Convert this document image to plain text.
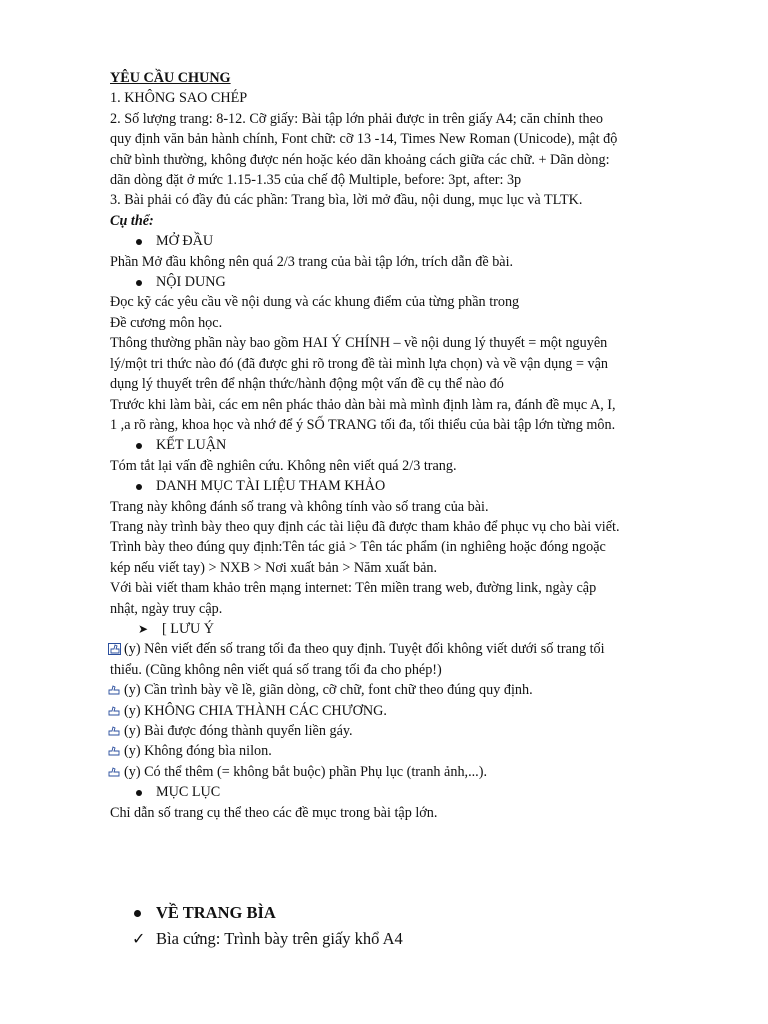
YÊU CẦU CHUNG
1. KHÔNG SAO CHÉP
2. Số lượng trang: 8-12. Cỡ giấy: Bài tập lớn phải được in trên giấy A4; căn chỉnh theo
quy định văn bản hành chính, Font chữ: cỡ 13 -14, Times New Roman (Unicode), mật độ
chữ bình thường, không được nén hoặc kéo dãn khoảng cách giữa các chữ. + Dãn dòng:
dãn dòng đặt ở mức 1.15-1.35 của chế độ Multiple, before: 3pt, after: 3p
3. Bài phải có đầy đủ các phần: Trang bìa, lời mở đầu, nội dung, mục lục và TLTK.
Cụ thể:
MỞ ĐẦU
Phần Mở đầu không nên quá 2/3 trang của bài tập lớn, trích dẫn đề bài.
NỘI DUNG
Đọc kỹ các yêu cầu về nội dung và các khung điểm của từng phần trong
Đề cương môn học.
Thông thường phần này bao gồm HAI Ý CHÍNH – về nội dung lý thuyết = một nguyên
lý/một tri thức nào đó (đã được ghi rõ trong đề tài mình lựa chọn) và về vận dụng = vận
dụng lý thuyết trên để nhận thức/hành động một vấn đề cụ thể nào đó
Trước khi làm bài, các em nên phác thảo dàn bài mà mình định làm ra, đánh đề mục A, I,
1 ,a rõ ràng, khoa học và nhớ để ý SỐ TRANG tối đa, tối thiểu của bài tập lớn từng môn.
KẾT LUẬN
Tóm tắt lại vấn đề nghiên cứu. Không nên viết quá 2/3 trang.
DANH MỤC TÀI LIỆU THAM KHẢO
Trang này không đánh số trang và không tính vào số trang của bài.
Trang này trình bày theo quy định các tài liệu đã được tham khảo để phục vụ cho bài viết.
Trình bày theo đúng quy định:Tên tác giả > Tên tác phẩm (in nghiêng hoặc đóng ngoặc
kép nếu viết tay) > NXB > Nơi xuất bản > Năm xuất bản.
Với bài viết tham khảo trên mạng internet: Tên miền trang web, đường link, ngày cập
nhật, ngày truy cập.
➤ [ LƯU Ý
(y) Nên viết đến số trang tối đa theo quy định. Tuyệt đối không viết dưới số trang tối
thiểu. (Cũng không nên viết quá số trang tối đa cho phép!)
(y) Cần trình bày về lề, giãn dòng, cỡ chữ, font chữ theo đúng quy định.
(y) KHÔNG CHIA THÀNH CÁC CHƯƠNG.
(y) Bài được đóng thành quyển liền gáy.
(y) Không đóng bìa nilon.
(y) Có thể thêm (= không bắt buộc) phần Phụ lục (tranh ảnh,...).
MỤC LỤC
Chỉ dẫn số trang cụ thể theo các đề mục trong bài tập lớn.
VỀ TRANG BÌA
✓ Bìa cứng: Trình bày trên giấy khổ A4
